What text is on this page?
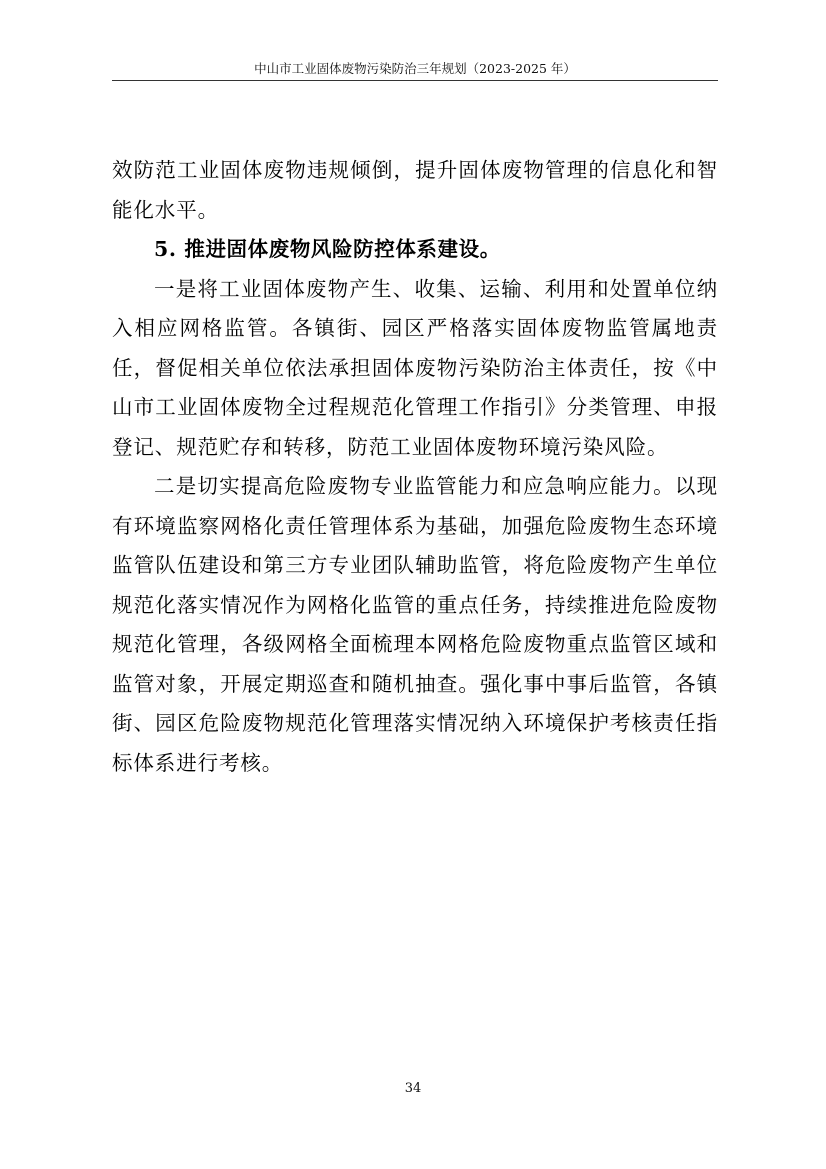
中山市工业固体废物污染防治三年规划（2023-2025 年）

效防范工业固体废物违规倾倒，提升固体废物管理的信息化和智能化水平。

5. 推进固体废物风险防控体系建设。

一是将工业固体废物产生、收集、运输、利用和处置单位纳入相应网格监管。各镇街、园区严格落实固体废物监管属地责任，督促相关单位依法承担固体废物污染防治主体责任，按《中山市工业固体废物全过程规范化管理工作指引》分类管理、申报登记、规范贮存和转移，防范工业固体废物环境污染风险。

二是切实提高危险废物专业监管能力和应急响应能力。以现有环境监察网格化责任管理体系为基础，加强危险废物生态环境监管队伍建设和第三方专业团队辅助监管，将危险废物产生单位规范化落实情况作为网格化监管的重点任务，持续推进危险废物规范化管理，各级网格全面梳理本网格危险废物重点监管区域和监管对象，开展定期巡查和随机抽查。强化事中事后监管，各镇街、园区危险废物规范化管理落实情况纳入环境保护考核责任指标体系进行考核。

34
